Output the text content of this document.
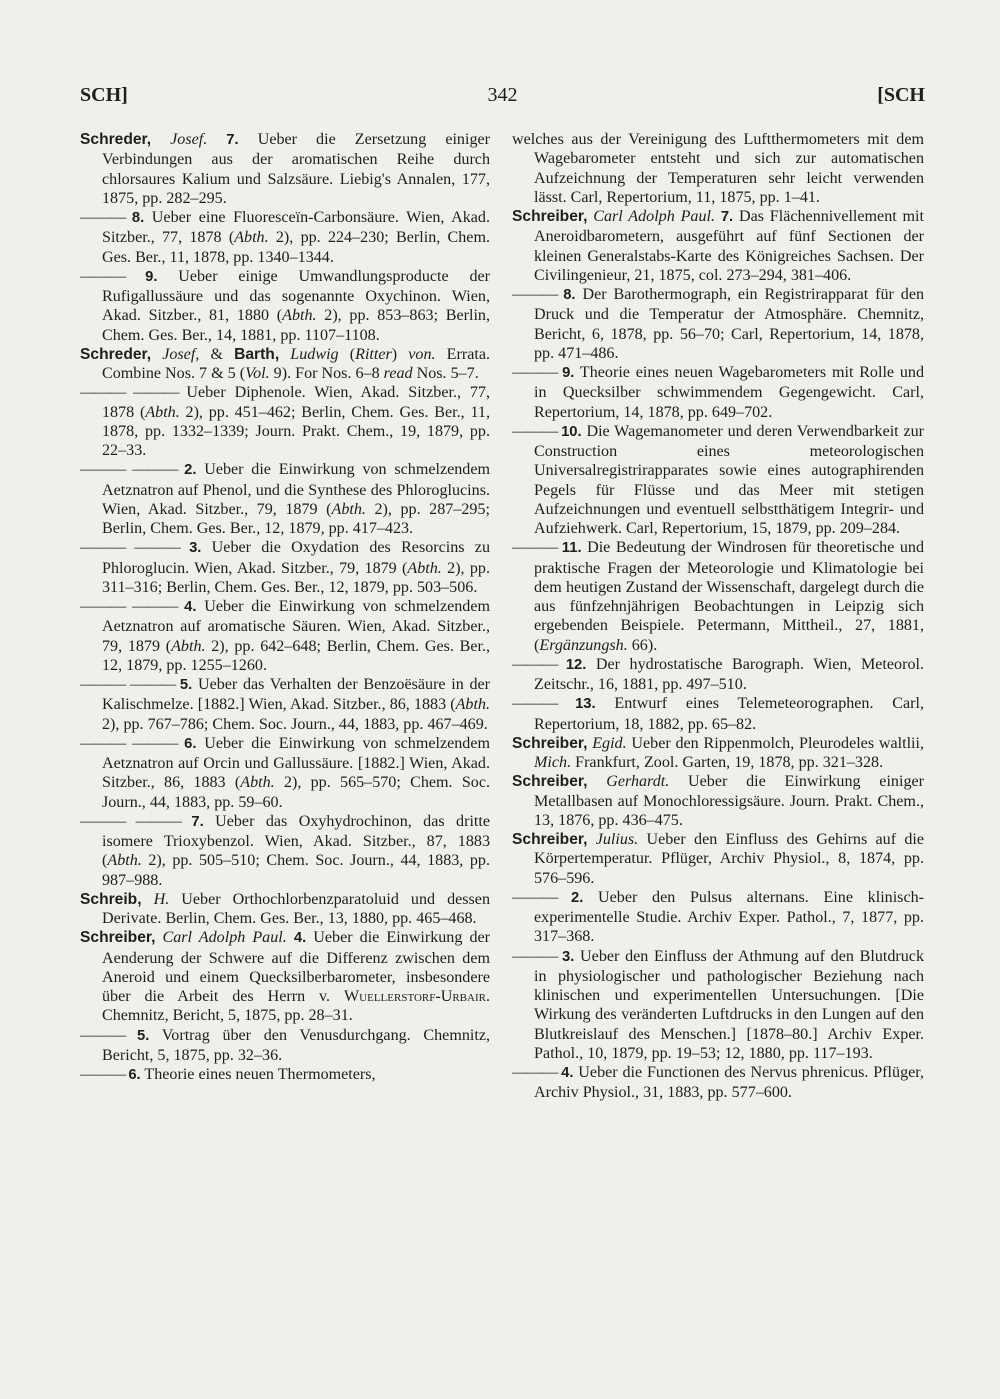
SCH]	342	[SCH

Schreder, Josef. 7. Ueber die Zersetzung einiger Verbindungen aus der aromatischen Reihe durch chlorsaures Kalium und Salzsäure. Liebig's Annalen, 177, 1875, pp. 282–295.

——— 8. Ueber eine Fluoresceïn-Carbonsäure. Wien, Akad. Sitzber., 77, 1878 (Abth. 2), pp. 224–230; Berlin, Chem. Ges. Ber., 11, 1878, pp. 1340–1344.

——— 9. Ueber einige Umwandlungsproducte der Rufigallussäure und das sogenannte Oxychinon. Wien, Akad. Sitzber., 81, 1880 (Abth. 2), pp. 853–863; Berlin, Chem. Ges. Ber., 14, 1881, pp. 1107–1108.

Schreder, Josef, & Barth, Ludwig (Ritter) von. Errata. Combine Nos. 7 & 5 (Vol. 9). For Nos. 6–8 read Nos. 5–7.

——— ——— Ueber Diphenole. Wien, Akad. Sitzber., 77, 1878 (Abth. 2), pp. 451–462; Berlin, Chem. Ges. Ber., 11, 1878, pp. 1332–1339; Journ. Prakt. Chem., 19, 1879, pp. 22–33.

——— ——— 2. Ueber die Einwirkung von schmelzendem Aetznatron auf Phenol, und die Synthese des Phloroglucins. Wien, Akad. Sitzber., 79, 1879 (Abth. 2), pp. 287–295; Berlin, Chem. Ges. Ber., 12, 1879, pp. 417–423.

——— ——— 3. Ueber die Oxydation des Resorcins zu Phloroglucin. Wien, Akad. Sitzber., 79, 1879 (Abth. 2), pp. 311–316; Berlin, Chem. Ges. Ber., 12, 1879, pp. 503–506.

——— ——— 4. Ueber die Einwirkung von schmelzendem Aetznatron auf aromatische Säuren. Wien, Akad. Sitzber., 79, 1879 (Abth. 2), pp. 642–648; Berlin, Chem. Ges. Ber., 12, 1879, pp. 1255–1260.

——— ——— 5. Ueber das Verhalten der Benzoësäure in der Kalischmelze. [1882.] Wien, Akad. Sitzber., 86, 1883 (Abth. 2), pp. 767–786; Chem. Soc. Journ., 44, 1883, pp. 467–469.

——— ——— 6. Ueber die Einwirkung von schmelzendem Aetznatron auf Orcin und Gallussäure. [1882.] Wien, Akad. Sitzber., 86, 1883 (Abth. 2), pp. 565–570; Chem. Soc. Journ., 44, 1883, pp. 59–60.

——— ——— 7. Ueber das Oxyhydrochinon, das dritte isomere Trioxybenzol. Wien, Akad. Sitzber., 87, 1883 (Abth. 2), pp. 505–510; Chem. Soc. Journ., 44, 1883, pp. 987–988.

Schreib, H. Ueber Orthochlorbenzparatoluid und dessen Derivate. Berlin, Chem. Ges. Ber., 13, 1880, pp. 465–468.

Schreiber, Carl Adolph Paul. 4. Ueber die Einwirkung der Aenderung der Schwere auf die Differenz zwischen dem Aneroid und einem Quecksilberbarometer, insbesondere über die Arbeit des Herrn v. Wuellerstorf-Urbair. Chemnitz, Bericht, 5, 1875, pp. 28–31.

——— 5. Vortrag über den Venusdurchgang. Chemnitz, Bericht, 5, 1875, pp. 32–36.

——— 6. Theorie eines neuen Thermometers,

welches aus der Vereinigung des Luftthermometers mit dem Wagebarometer entsteht und sich zur automatischen Aufzeichnung der Temperaturen sehr leicht verwenden lässt. Carl, Repertorium, 11, 1875, pp. 1–41.

Schreiber, Carl Adolph Paul. 7. Das Flächennivellement mit Aneroidbarometern, ausgeführt auf fünf Sectionen der kleinen Generalstabs-Karte des Königreiches Sachsen. Der Civilingenieur, 21, 1875, col. 273–294, 381–406.

——— 8. Der Barothermograph, ein Registrirapparat für den Druck und die Temperatur der Atmosphäre. Chemnitz, Bericht, 6, 1878, pp. 56–70; Carl, Repertorium, 14, 1878, pp. 471–486.

——— 9. Theorie eines neuen Wagebarometers mit Rolle und in Quecksilber schwimmendem Gegengewicht. Carl, Repertorium, 14, 1878, pp. 649–702.

——— 10. Die Wagemanometer und deren Verwendbarkeit zur Construction eines meteorologischen Universalregistrirapparates sowie eines autographirenden Pegels für Flüsse und das Meer mit stetigen Aufzeichnungen und eventuell selbstthätigem Integrir- und Aufziehwerk. Carl, Repertorium, 15, 1879, pp. 209–284.

——— 11. Die Bedeutung der Windrosen für theoretische und praktische Fragen der Meteorologie und Klimatologie bei dem heutigen Zustand der Wissenschaft, dargelegt durch die aus fünfzehnjährigen Beobachtungen in Leipzig sich ergebenden Beispiele. Petermann, Mittheil., 27, 1881, (Ergänzungsh. 66).

——— 12. Der hydrostatische Barograph. Wien, Meteorol. Zeitschr., 16, 1881, pp. 497–510.

——— 13. Entwurf eines Telemeteorographen. Carl, Repertorium, 18, 1882, pp. 65–82.

Schreiber, Egid. Ueber den Rippenmolch, Pleurodeles waltlii, Mich. Frankfurt, Zool. Garten, 19, 1878, pp. 321–328.

Schreiber, Gerhardt. Ueber die Einwirkung einiger Metallbasen auf Monochloressigsäure. Journ. Prakt. Chem., 13, 1876, pp. 436–475.

Schreiber, Julius. Ueber den Einfluss des Gehirns auf die Körpertemperatur. Pflüger, Archiv Physiol., 8, 1874, pp. 576–596.

——— 2. Ueber den Pulsus alternans. Eine klinisch-experimentelle Studie. Archiv Exper. Pathol., 7, 1877, pp. 317–368.

——— 3. Ueber den Einfluss der Athmung auf den Blutdruck in physiologischer und pathologischer Beziehung nach klinischen und experimentellen Untersuchungen. [Die Wirkung des veränderten Luftdrucks in den Lungen auf den Blutkreislauf des Menschen.] [1878–80.] Archiv Exper. Pathol., 10, 1879, pp. 19–53; 12, 1880, pp. 117–193.

——— 4. Ueber die Functionen des Nervus phrenicus. Pflüger, Archiv Physiol., 31, 1883, pp. 577–600.
